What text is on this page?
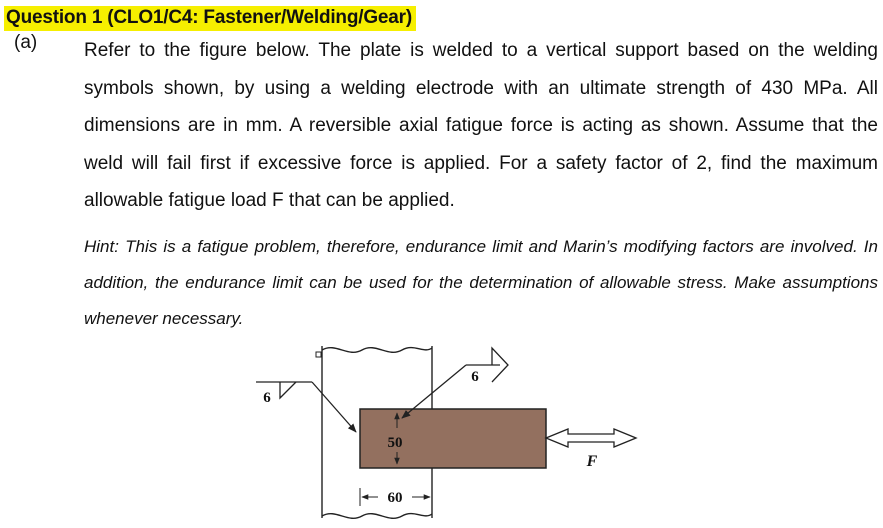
Question 1 (CLO1/C4: Fastener/Welding/Gear)
(a) Refer to the figure below. The plate is welded to a vertical support based on the welding symbols shown, by using a welding electrode with an ultimate strength of 430 MPa. All dimensions are in mm. A reversible axial fatigue force is acting as shown. Assume that the weld will fail first if excessive force is applied. For a safety factor of 2, find the maximum allowable fatigue load F that can be applied.
Hint: This is a fatigue problem, therefore, endurance limit and Marin’s modifying factors are involved. In addition, the endurance limit can be used for the determination of allowable stress. Make assumptions whenever necessary.
50
60
6
6
F
